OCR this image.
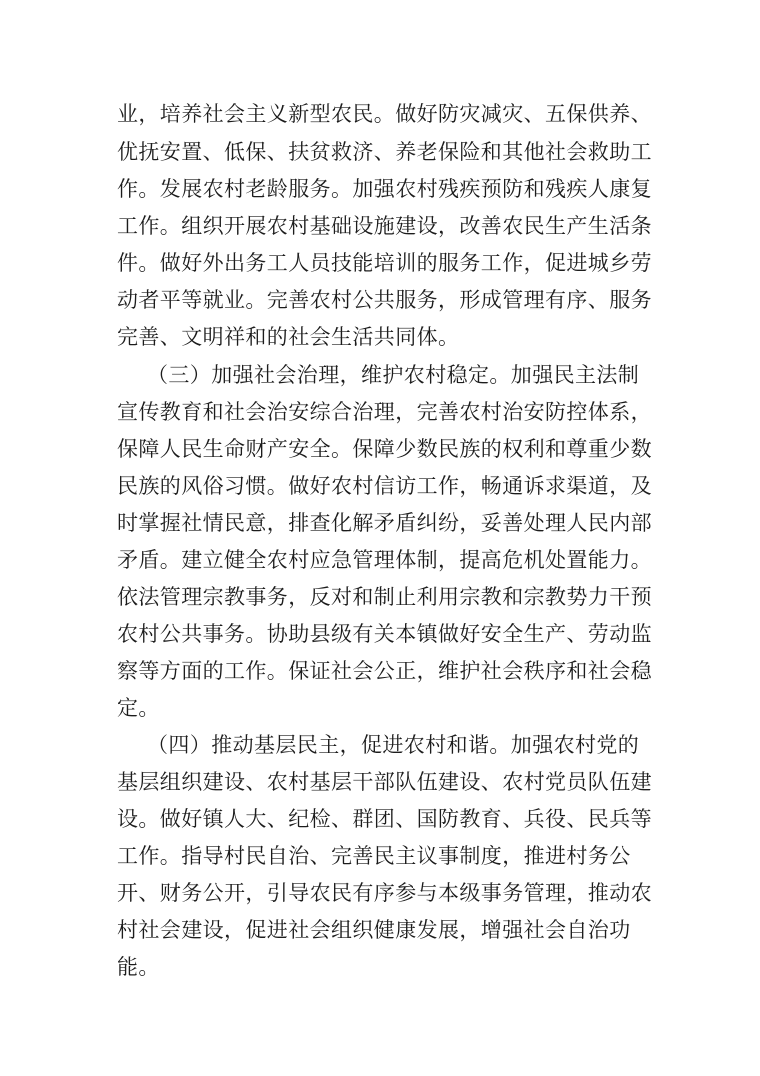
业，培养社会主义新型农民。做好防灾减灾、五保供养、
优抚安置、低保、扶贫救济、养老保险和其他社会救助工
作。发展农村老龄服务。加强农村残疾预防和残疾人康复
工作。组织开展农村基础设施建设，改善农民生产生活条
件。做好外出务工人员技能培训的服务工作，促进城乡劳
动者平等就业。完善农村公共服务，形成管理有序、服务
完善、文明祥和的社会生活共同体。
（三）加强社会治理，维护农村稳定。加强民主法制
宣传教育和社会治安综合治理，完善农村治安防控体系，
保障人民生命财产安全。保障少数民族的权利和尊重少数
民族的风俗习惯。做好农村信访工作，畅通诉求渠道，及
时掌握社情民意，排查化解矛盾纠纷，妥善处理人民内部
矛盾。建立健全农村应急管理体制，提高危机处置能力。
依法管理宗教事务，反对和制止利用宗教和宗教势力干预
农村公共事务。协助县级有关本镇做好安全生产、劳动监
察等方面的工作。保证社会公正，维护社会秩序和社会稳
定。
（四）推动基层民主，促进农村和谐。加强农村党的
基层组织建设、农村基层干部队伍建设、农村党员队伍建
设。做好镇人大、纪检、群团、国防教育、兵役、民兵等
工作。指导村民自治、完善民主议事制度，推进村务公
开、财务公开，引导农民有序参与本级事务管理，推动农
村社会建设，促进社会组织健康发展，增强社会自治功
能。
